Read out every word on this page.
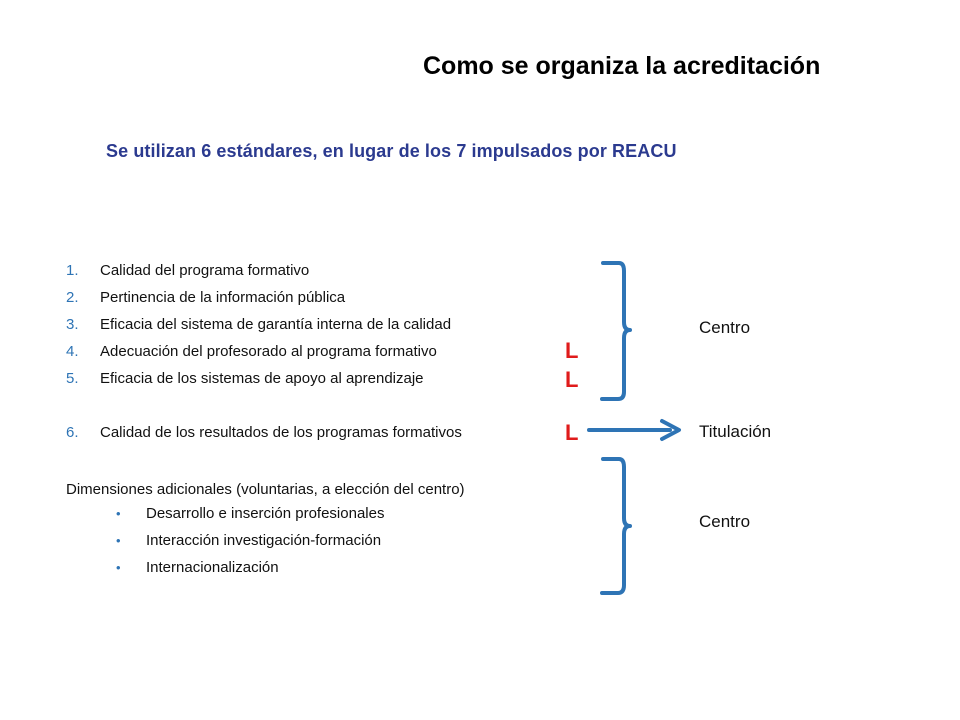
Como se organiza la acreditación
Se utilizan 6 estándares, en lugar de los 7 impulsados por REACU
1. Calidad del programa formativo
2. Pertinencia de la información pública
3. Eficacia del sistema de garantía interna de la calidad
4. Adecuación del profesorado al programa formativo
5. Eficacia de los sistemas de apoyo al aprendizaje
6. Calidad de los resultados de los programas formativos
L
L
L
Dimensiones adicionales (voluntarias, a elección del centro)
• Desarrollo e inserción profesionales
• Interacción investigación-formación
• Internacionalización
Centro
Titulación
Centro
